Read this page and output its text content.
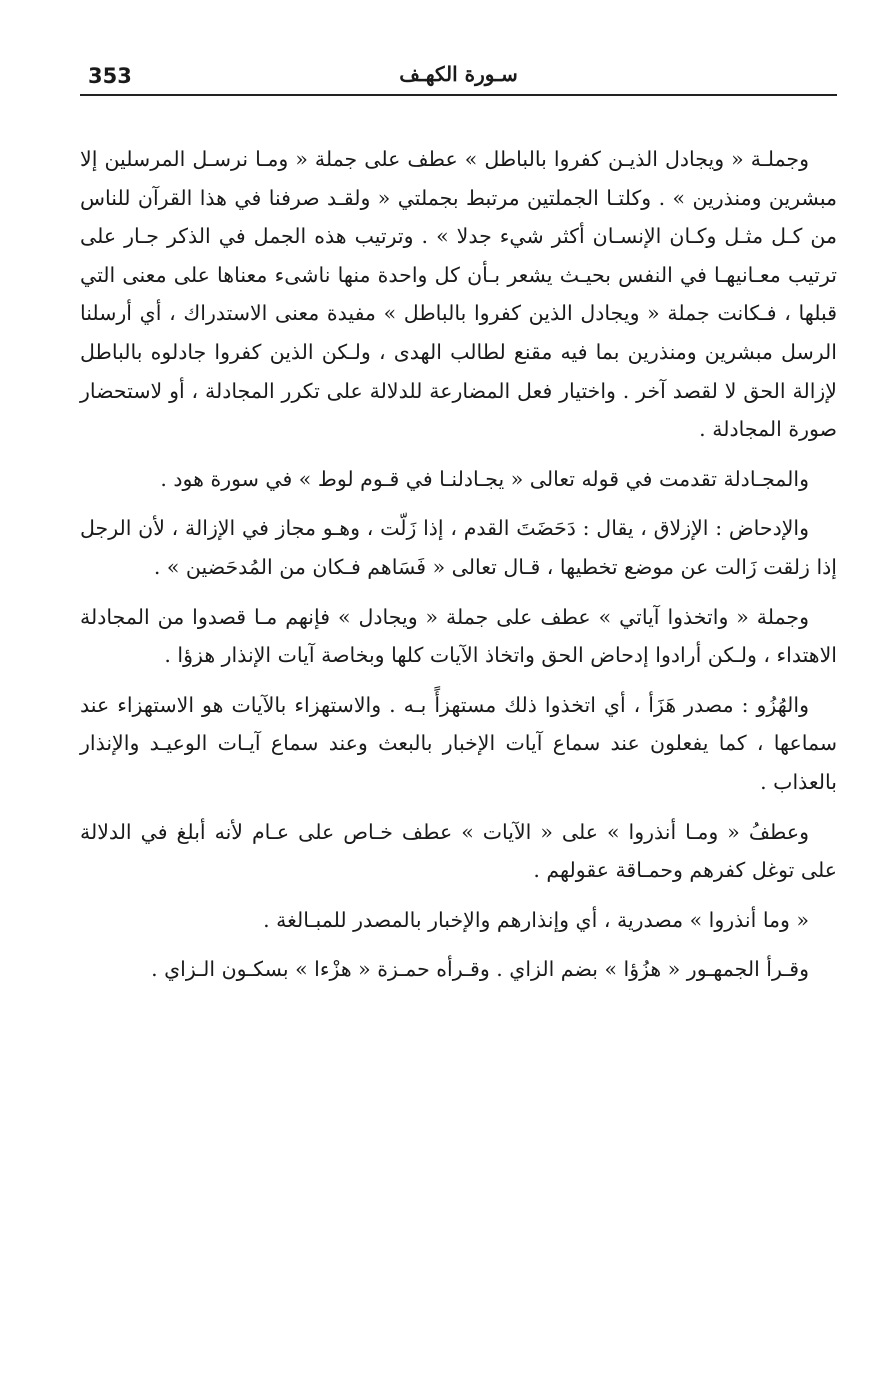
353	سـورة الكهـف

وجملـة « ويجادل الذيـن كفروا بالباطل » عطف على جملة « ومـا نرسـل المرسلين إلا مبشرين ومنذرين » . وكلتـا الجملتين مرتبط بجملتي « ولقـد صرفنا في هذا القرآن للناس من كـل مثـل وكـان الإنسـان أكثر شيء جدلا » . وترتيب هذه الجمل في الذكر جـار على ترتيب معـانيهـا في النفس بحيـث يشعر بـأن كل واحدة منها ناشىء معناها على معنى التي قبلها ، فـكانت جملة « ويجادل الذين كفروا بالباطل » مفيدة معنى الاستدراك ، أي أرسلنا الرسل مبشرين ومنذرين بما فيه مقنع لطالب الهدى ، ولـكن الذين كفروا جادلوه بالباطل لإزالة الحق لا لقصد آخر . واختيار فعل المضارعة للدلالة على تكرر المجادلة ، أو لاستحضار صورة المجادلة .

والمجـادلة تقدمت في قوله تعالى « يجـادلنـا في قـوم لوط » في سورة هود .

والإدحاض : الإزلاق ، يقال : دَحَضَتَ القدم ، إذا زَلّت ، وهـو مجاز في الإزالة ، لأن الرجل إذا زلقت زَالت عن موضع تخطيها ، قـال تعالى « فَسَاهم فـكان من المُدحَضين » .

وجملة « واتخذوا آياتي » عطف على جملة « ويجادل » فإنهم مـا قصدوا من المجادلة الاهتداء ، ولـكن أرادوا إدحاض الحق واتخاذ الآيات كلها وبخاصة آيات الإنذار هزؤا .

والهُزُو : مصدر هَزَأ ، أي اتخذوا ذلك مستهزأً بـه . والاستهزاء بالآيات هو الاستهزاء عند سماعها ، كما يفعلون عند سماع آيات الإخبار بالبعث وعند سماع آيـات الوعيـد والإنذار بالعذاب .

وعطفُ « ومـا أنذروا » على « الآيات » عطف خـاص على عـام لأنه أبلغ في الدلالة على توغل كفرهم وحمـاقة عقولهم .

« وما أنذروا » مصدرية ، أي وإنذارهم والإخبار بالمصدر للمبـالغة .

وقـرأ الجمهـور « هزُؤا » بضم الزاي . وقـرأه حمـزة « هزْءا » بسكـون الـزاي .
